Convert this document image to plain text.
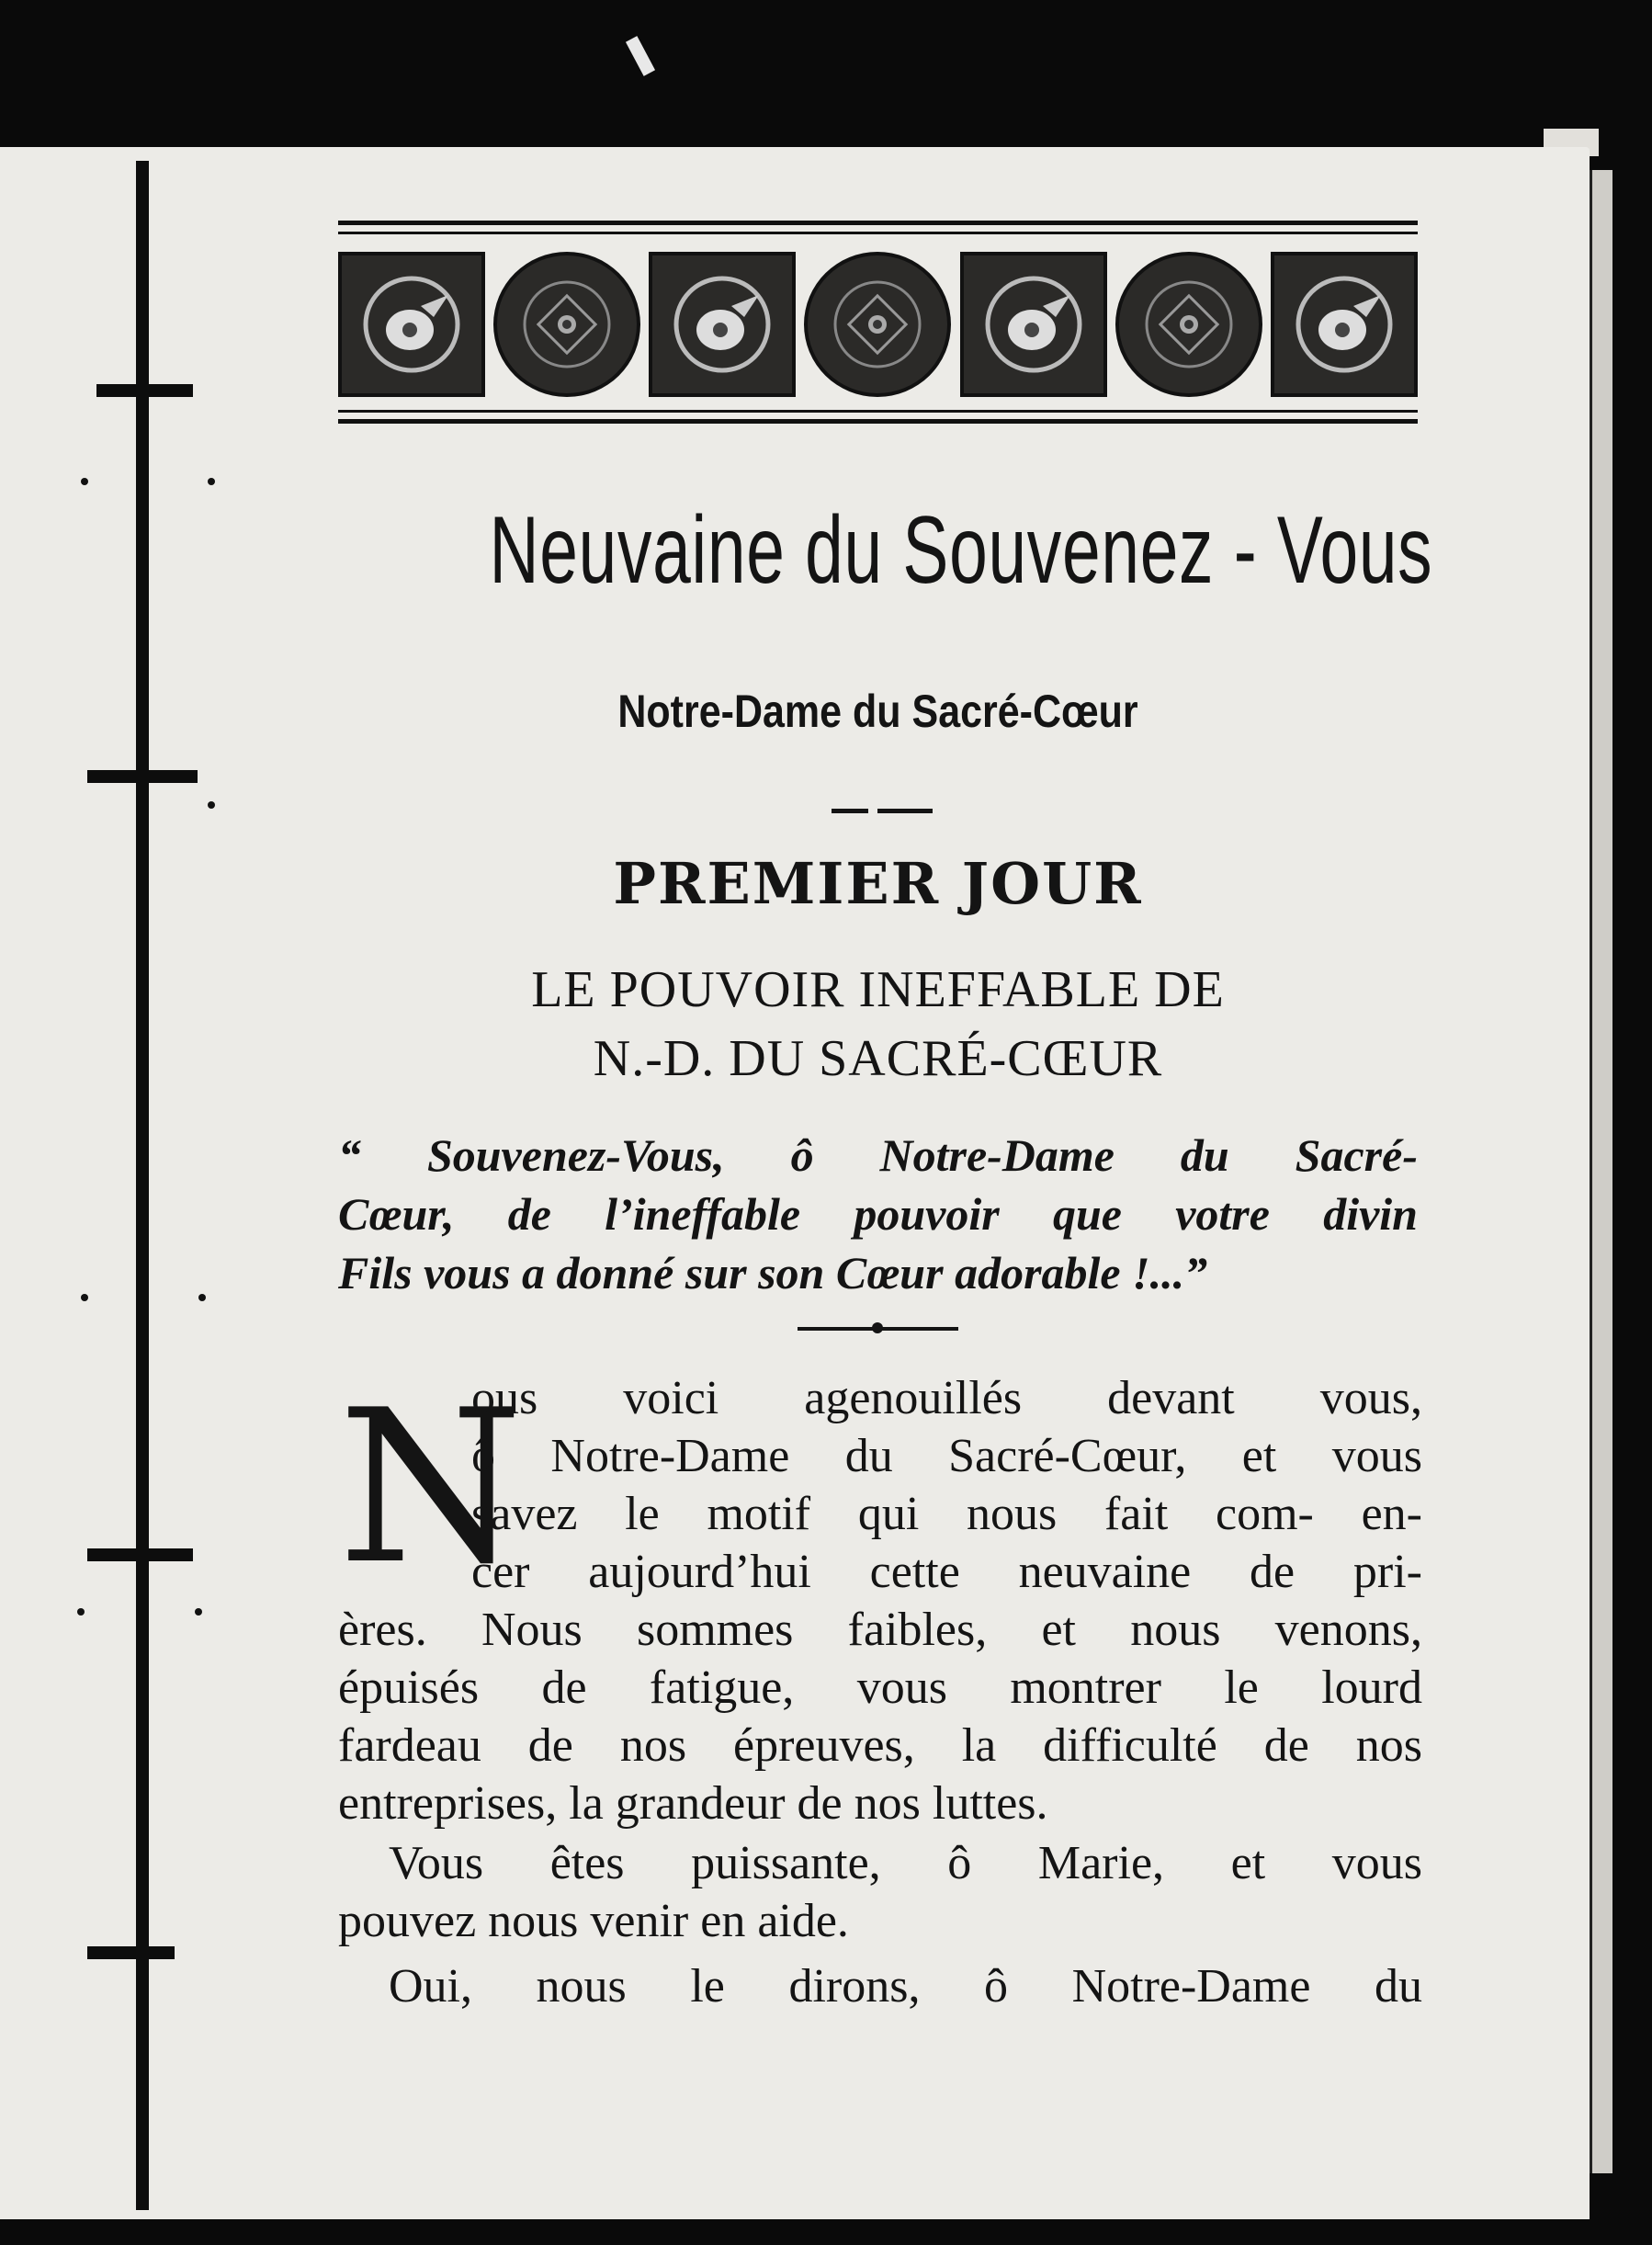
Neuvaine du Souvenez - Vous
Notre-Dame du Sacré-Cœur
PREMIER JOUR
LE POUVOIR INEFFABLE DE
N.-D. DU SACRÉ-CŒUR
“ Souvenez-Vous, ô Notre-Dame du Sacré-
Cœur, de l’ineffable pouvoir que votre divin
Fils vous a donné sur son Cœur adorable !...”
N
ous voici agenouillés devant vous,
ô Notre-Dame du Sacré-Cœur, et vous
savez le motif qui nous fait com- en-
cer aujourd’hui cette neuvaine de pri-
ères. Nous sommes faibles, et nous venons,
épuisés de fatigue, vous montrer le lourd
fardeau de nos épreuves, la difficulté de nos
entreprises, la grandeur de nos luttes.
Vous êtes puissante, ô Marie, et vous
pouvez nous venir en aide.
Oui, nous le dirons, ô Notre-Dame du
